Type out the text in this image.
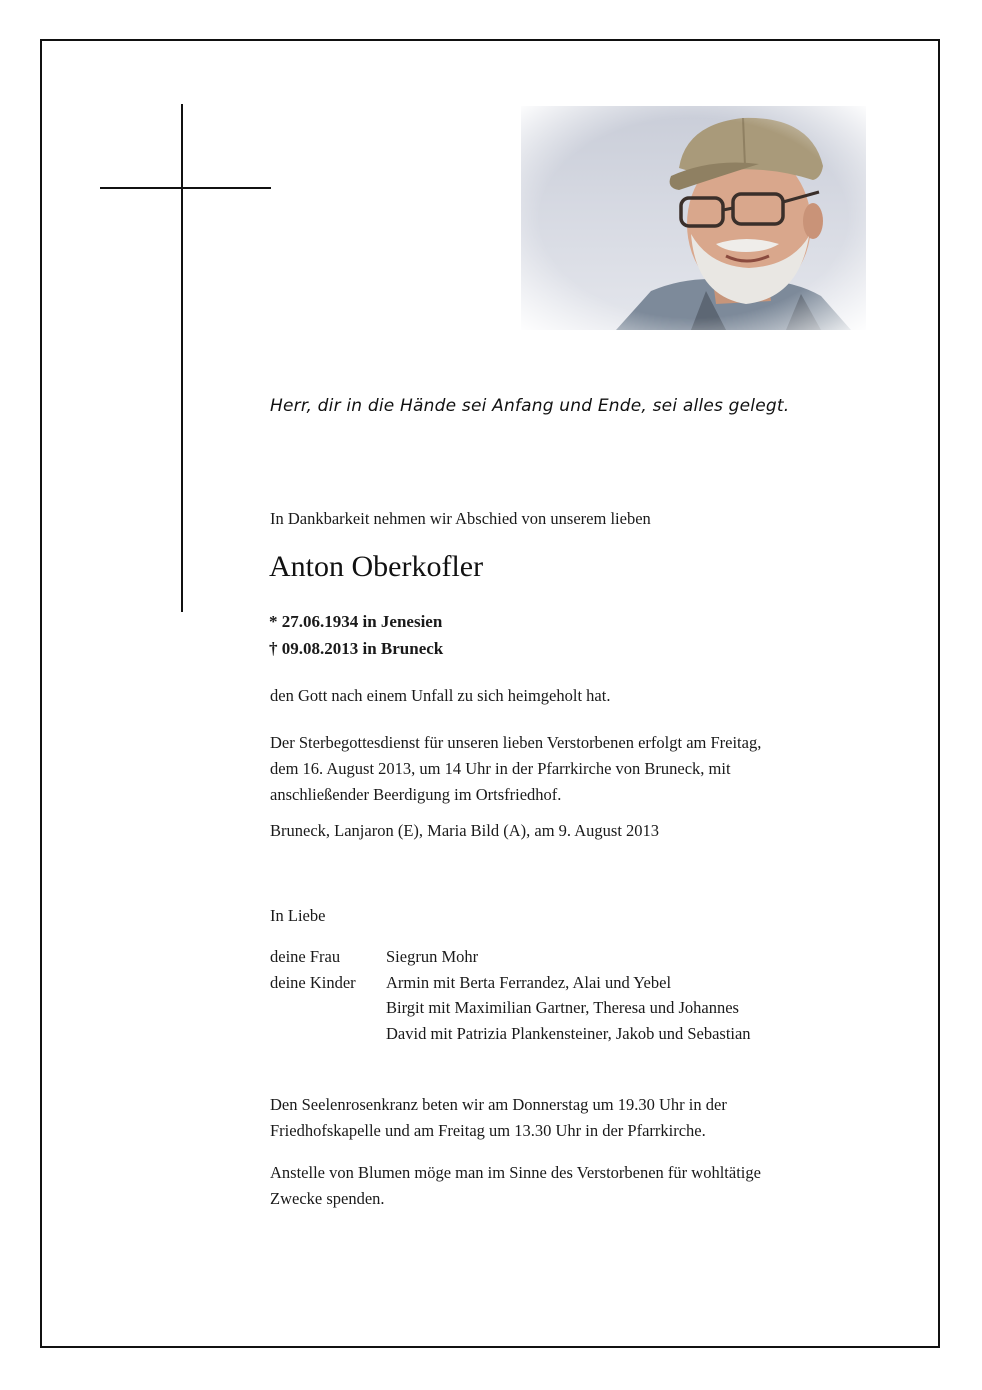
Herr, dir in die Hände sei Anfang und Ende, sei alles gelegt.
In Dankbarkeit nehmen wir Abschied von unserem lieben
Anton Oberkofler
* 27.06.1934 in Jenesien
† 09.08.2013 in Bruneck
den Gott nach einem Unfall zu sich heimgeholt hat.
Der Sterbegottesdienst für unseren lieben Verstorbenen erfolgt am Freitag,
dem 16. August 2013, um 14 Uhr in der Pfarrkirche von Bruneck, mit
anschließender Beerdigung im Ortsfriedhof.
Bruneck, Lanjaron (E), Maria Bild (A), am 9. August 2013
In Liebe
deine Frau	Siegrun Mohr
deine Kinder	Armin mit Berta Ferrandez, Alai und Yebel
Birgit mit Maximilian Gartner, Theresa und Johannes
David mit Patrizia Plankensteiner, Jakob und Sebastian
Den Seelenrosenkranz beten wir am Donnerstag um 19.30 Uhr in der
Friedhofskapelle und am Freitag um 13.30 Uhr in der Pfarrkirche.
Anstelle von Blumen möge man im Sinne des Verstorbenen für wohltätige
Zwecke spenden.
